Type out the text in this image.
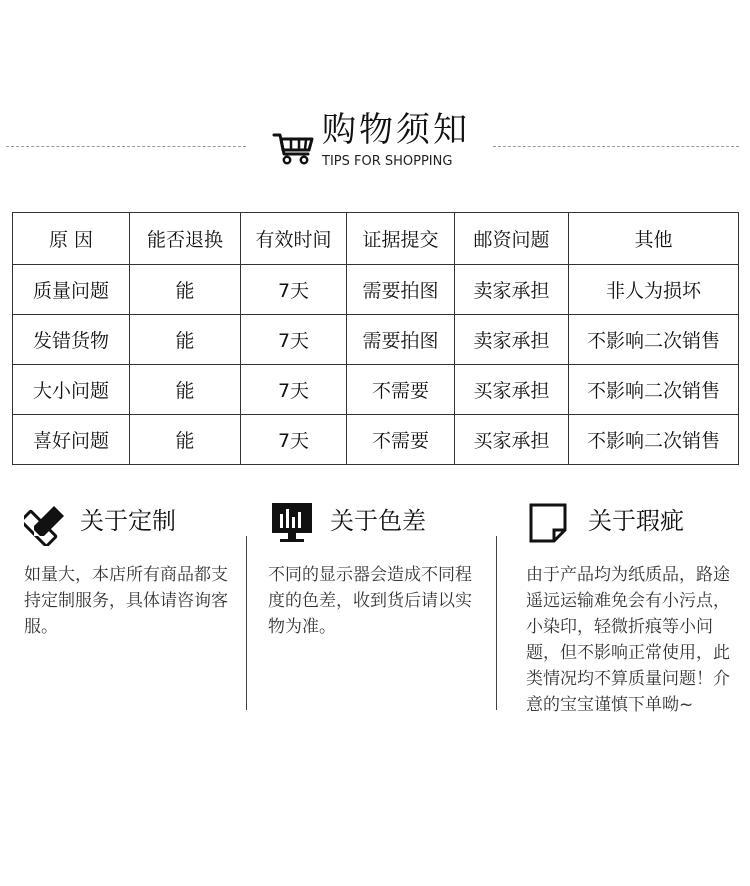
购物须知
TIPS FOR SHOPPING
原 因	能否退换	有效时间	证据提交	邮资问题	其他
质量问题	能	7天	需要拍图	卖家承担	非人为损坏
发错货物	能	7天	需要拍图	卖家承担	不影响二次销售
大小问题	能	7天	不需要	买家承担	不影响二次销售
喜好问题	能	7天	不需要	买家承担	不影响二次销售
关于定制
如量大，本店所有商品都支持定制服务，具体请咨询客服。
关于色差
不同的显示器会造成不同程度的色差，收到货后请以实物为准。
关于瑕疵
由于产品均为纸质品，路途遥远运输难免会有小污点，小染印，轻微折痕等小问题，但不影响正常使用，此类情况均不算质量问题！介意的宝宝谨慎下单呦~
